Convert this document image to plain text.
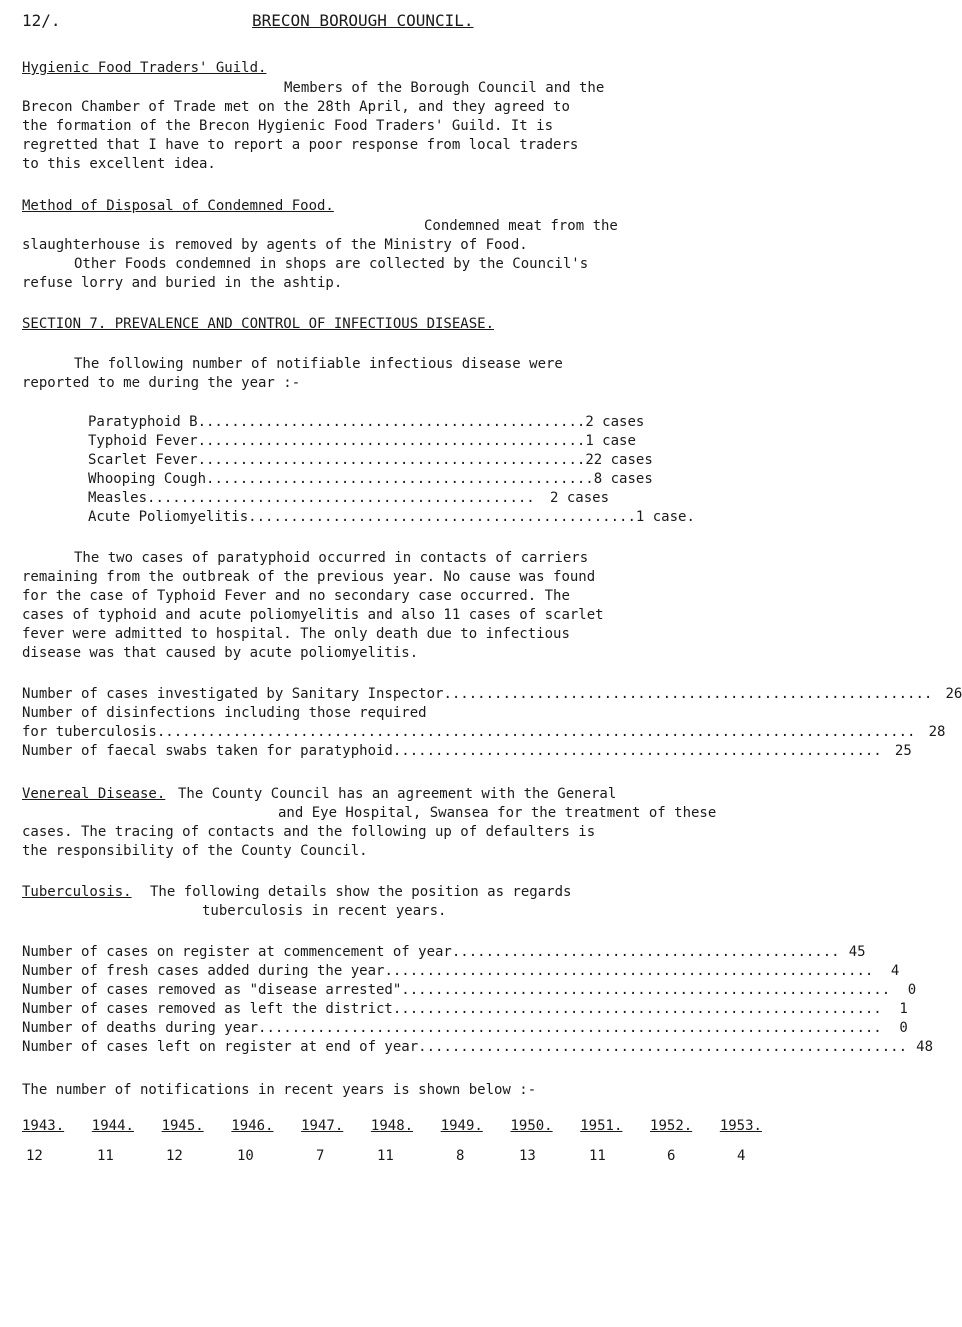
12/.	BRECON BOROUGH COUNCIL.
Hygienic Food Traders' Guild.
Members of the Borough Council and the
Brecon Chamber of Trade met on the 28th April, and they agreed to
the formation of the Brecon Hygienic Food Traders' Guild. It is
regretted that I have to report a poor response from local traders
to this excellent idea.
Method of Disposal of Condemned Food.
Condemned meat from the
slaughterhouse is removed by agents of the Ministry of Food.
Other Foods condemned in shops are collected by the Council's
refuse lorry and buried in the ashtip.
SECTION 7. PREVALENCE AND CONTROL OF INFECTIOUS DISEASE.
The following number of notifiable infectious disease were
reported to me during the year :-
Paratyphoid B .............................................. 2 cases
Typhoid Fever .............................................. 1 case
Scarlet Fever .............................................. 22 cases
Whooping Cough .............................................. 8 cases
Measles ..............................................	2 cases
Acute Poliomyelitis .............................................. 1 case.
The two cases of paratyphoid occurred in contacts of carriers
remaining from the outbreak of the previous year. No cause was found
for the case of Typhoid Fever and no secondary case occurred. The
cases of typhoid and acute poliomyelitis and also 11 cases of scarlet
fever were admitted to hospital. The only death due to infectious
disease was that caused by acute poliomyelitis.
Number of cases investigated by Sanitary Inspector .......................................................... 26
Number of disinfections including those required
for tuberculosis .......................................................................................... 28
Number of faecal swabs taken for paratyphoid .......................................................... 25
Venereal Disease. The County Council has an agreement with the General
and Eye Hospital, Swansea for the treatment of these
cases. The tracing of contacts and the following up of defaulters is
the responsibility of the County Council.
Tuberculosis. The following details show the position as regards
tuberculosis in recent years.
Number of cases on register at commencement of year .............................................. 45
Number of fresh cases added during the year ..........................................................	4
Number of cases removed as "disease arrested" ..........................................................	0
Number of cases removed as left the district ..........................................................	1
Number of deaths during year ..........................................................................	0
Number of cases left on register at end of year .......................................................... 48
The number of notifications in recent years is shown below :-
1943. 1944. 1945. 1946. 1947. 1948. 1949. 1950. 1951. 1952. 1953.
12	11	12	10	7	11	8	13	11	6	4
